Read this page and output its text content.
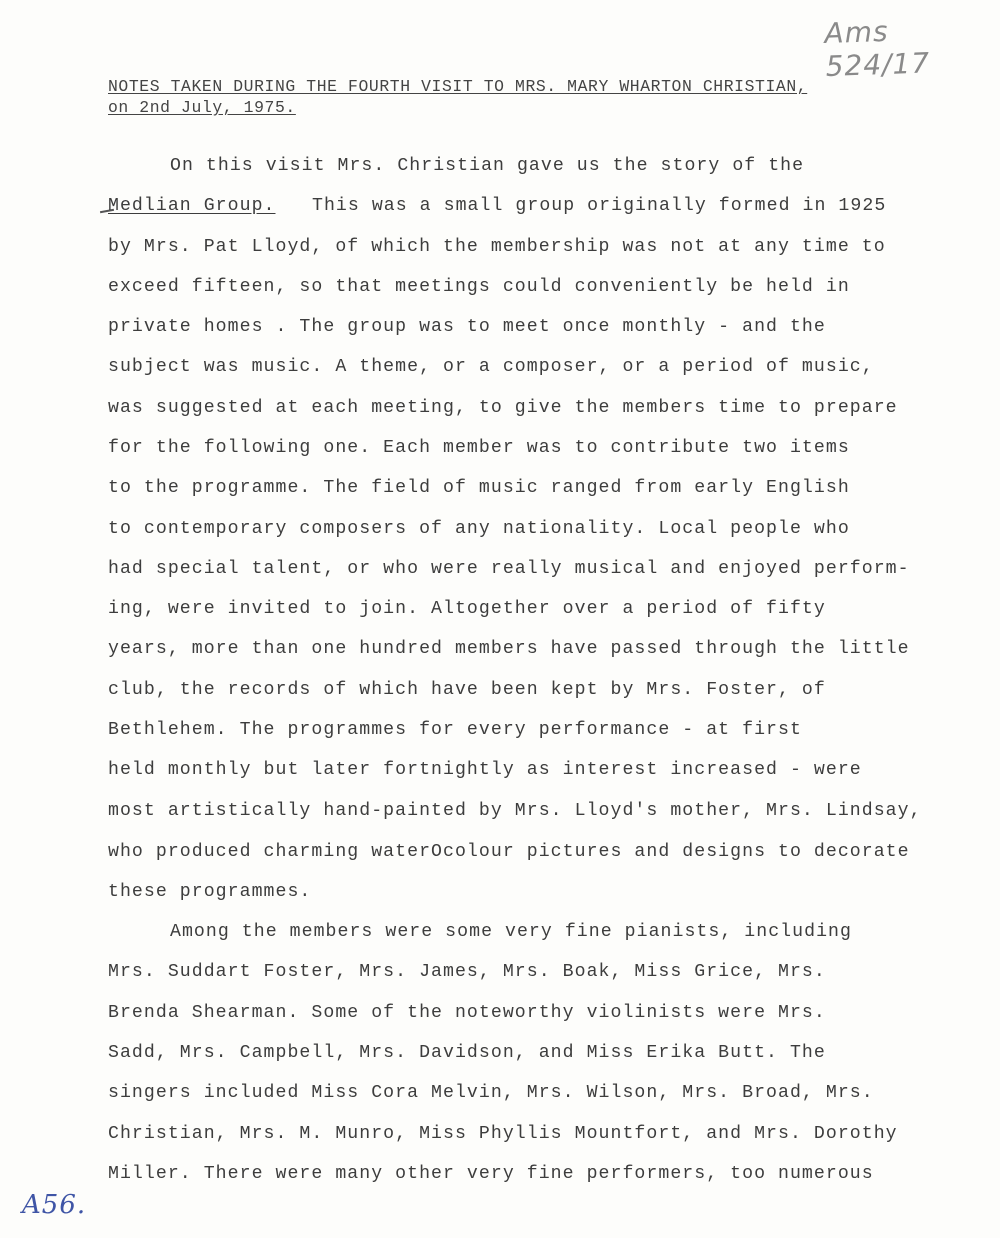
Ams 524/17
NOTES TAKEN DURING THE FOURTH VISIT TO MRS. MARY WHARTON CHRISTIAN,
on 2nd July, 1975.
On this visit Mrs. Christian gave us the story of the
Medlian Group. This was a small group originally formed in 1925
by Mrs. Pat Lloyd, of which the membership was not at any time to
exceed fifteen, so that meetings could conveniently be held in
private homes . The group was to meet once monthly - and the
subject was music. A theme, or a composer, or a period of music,
was suggested at each meeting, to give the members time to prepare
for the following one. Each member was to contribute two items
to the programme. The field of music ranged from early English
to contemporary composers of any nationality. Local people who
had special talent, or who were really musical and enjoyed perform-
ing, were invited to join. Altogether over a period of fifty
years, more than one hundred members have passed through the little
club, the records of which have been kept by Mrs. Foster, of
Bethlehem. The programmes for every performance - at first
held monthly but later fortnightly as interest increased - were
most artistically hand-painted by Mrs. Lloyd's mother, Mrs. Lindsay,
who produced charming waterOcolour pictures and designs to decorate
these programmes.
Among the members were some very fine pianists, including
Mrs. Suddart Foster, Mrs. James, Mrs. Boak, Miss Grice, Mrs.
Brenda Shearman. Some of the noteworthy violinists were Mrs.
Sadd, Mrs. Campbell, Mrs. Davidson, and Miss Erika Butt. The
singers included Miss Cora Melvin, Mrs. Wilson, Mrs. Broad, Mrs.
Christian, Mrs. M. Munro, Miss Phyllis Mountfort, and Mrs. Dorothy
Miller. There were many other very fine performers, too numerous
A56.
